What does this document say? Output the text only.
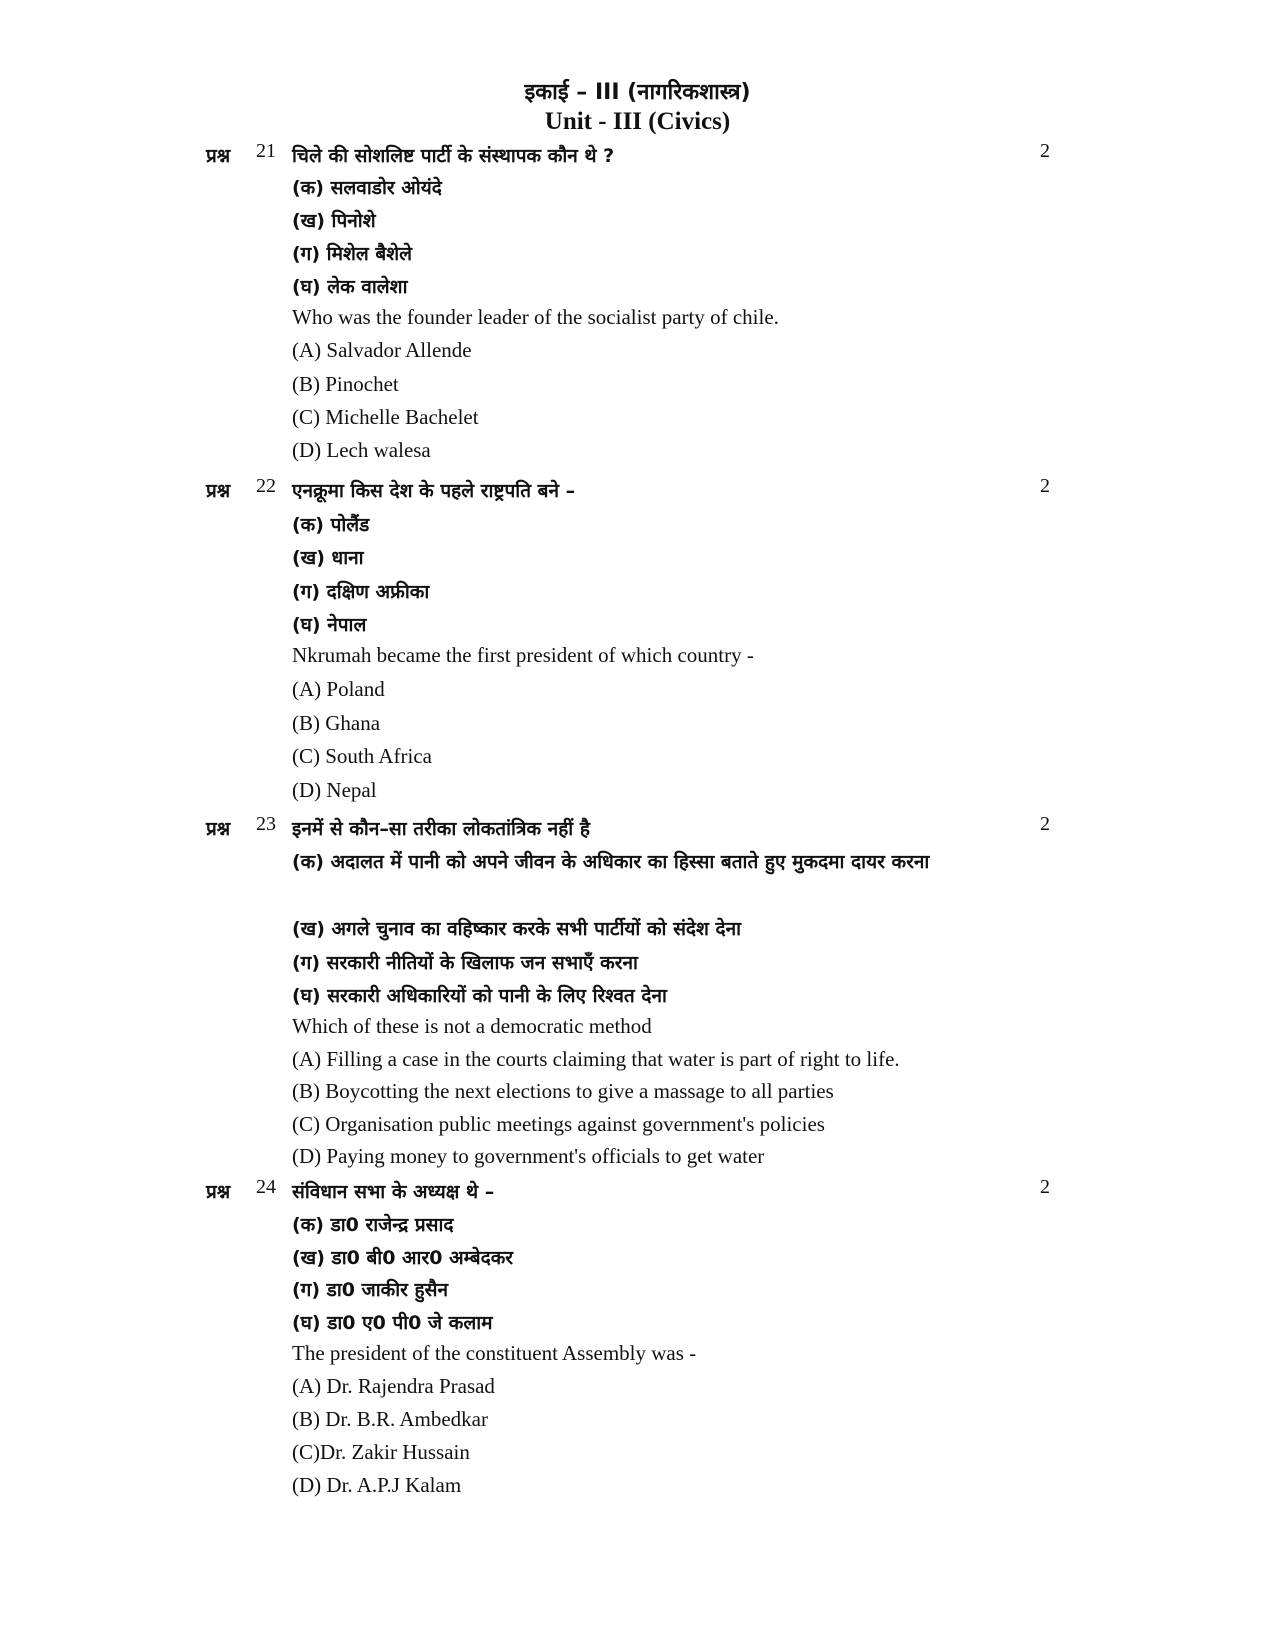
इकाई – III (नागरिकशास्त्र)
Unit - III (Civics)
प्रश्न 21 चिले की सोशलिष्ट पार्टी के संस्थापक कौन थे ?	2
(क) सलवाडोर ओयंदे
(ख) पिनोशे
(ग) मिशेल बैशेले
(घ) लेक वालेशा
Who was the founder leader of the socialist party of chile.
(A) Salvador Allende
(B) Pinochet
(C) Michelle Bachelet
(D) Lech walesa
प्रश्न 22 एनक्रूमा किस देश के पहले राष्ट्रपति बने –	2
(क) पोलैंड
(ख) धाना
(ग) दक्षिण अफ्रीका
(घ) नेपाल
Nkrumah became the first president of which country -
(A) Poland
(B) Ghana
(C) South Africa
(D) Nepal
प्रश्न 23 इनमें से कौन–सा तरीका लोकतांत्रिक नहीं है	2
(क) अदालत में पानी को अपने जीवन के अधिकार का हिस्सा बताते हुए मुकदमा दायर करना
(ख) अगले चुनाव का वहिष्कार करके सभी पार्टीयों को संदेश देना
(ग) सरकारी नीतियों के खिलाफ जन सभाएँ करना
(घ) सरकारी अधिकारियों को पानी के लिए रिश्वत देना
Which of these is not a democratic method
(A) Filling a case in the courts claiming that water is part of right to life.
(B) Boycotting the next elections to give a massage to all parties
(C) Organisation public meetings against government's policies
(D) Paying money to government's officials to get water
प्रश्न 24 संविधान सभा के अध्यक्ष थे –	2
(क) डा0 राजेन्द्र प्रसाद
(ख) डा0 बी0 आर0 अम्बेदकर
(ग) डा0 जाकीर हुसैन
(घ) डा0 ए0 पी0 जे कलाम
The president of the constituent Assembly was -
(A) Dr. Rajendra Prasad
(B) Dr. B.R. Ambedkar
(C)Dr. Zakir Hussain
(D) Dr. A.P.J Kalam
